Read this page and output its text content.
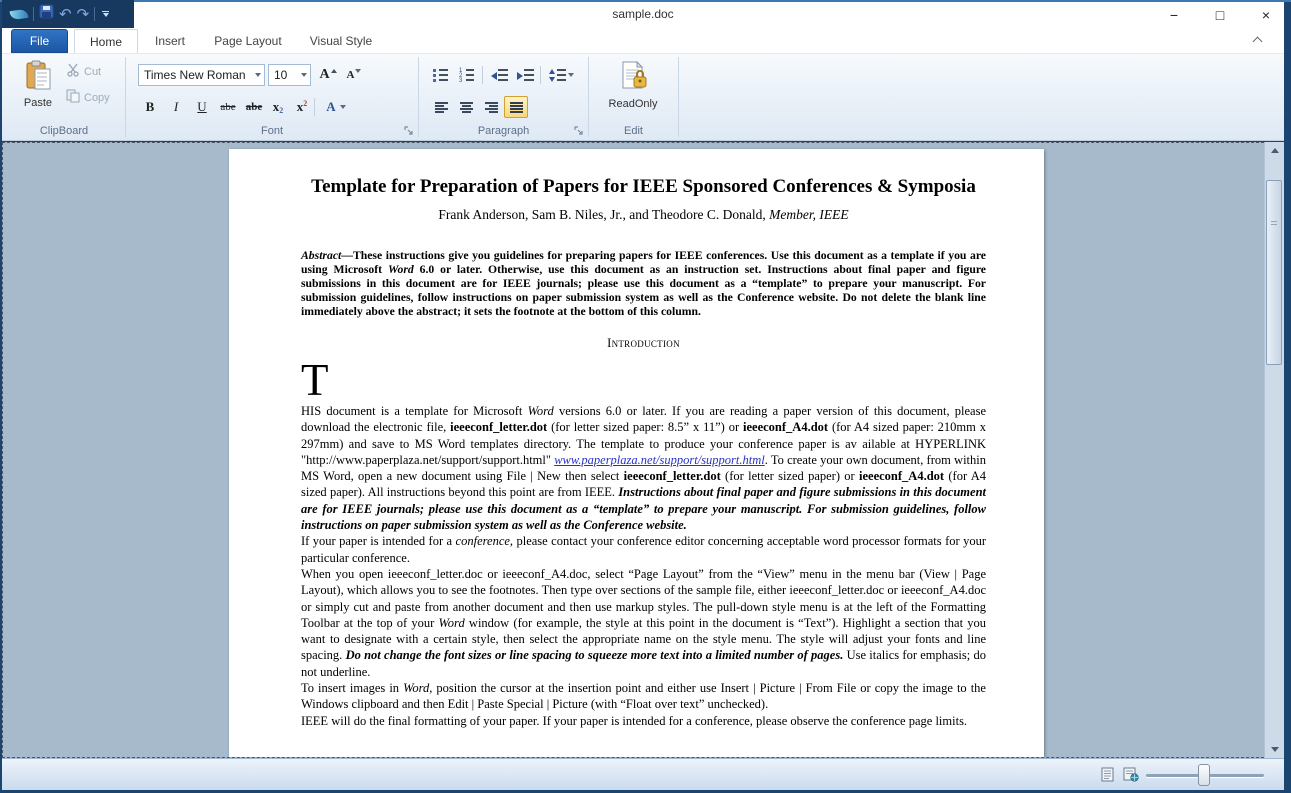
↶ ↷	sample.doc	−	□	×
File	Home	Insert	Page Layout	Visual Style
Paste
Cut
Copy
ClipBoard
Times New Roman 10 A A
B	I	U	abe abe x 2 x 2 A
Font
1
2
3
Paragraph
ReadOnly
Edit
Template for Preparation of Papers for IEEE Sponsored Conferences & Symposia
Frank Anderson, Sam B. Niles, Jr., and Theodore C. Donald, Member, IEEE
Abstract—These instructions give you guidelines for preparing papers for IEEE conferences. Use this document as a template if you are using Microsoft Word 6.0 or later. Otherwise, use this document as an instruction set. Instructions about final paper and figure submissions in this document are for IEEE journals; please use this document as a “template” to prepare your manuscript. For submission guidelines, follow instructions on paper submission system as well as the Conference website. Do not delete the blank line immediately above the abstract; it sets the footnote at the bottom of this column.
Introduction
T
HIS document is a template for Microsoft Word versions 6.0 or later. If you are reading a paper version of this document, please download the electronic file, ieeeconf_letter.dot (for letter sized paper: 8.5” x 11”) or ieeeconf_A4.dot (for A4 sized paper: 210mm x 297mm) and save to MS Word templates directory. The template to produce your conference paper is av ailable at HYPERLINK "http://www.paperplaza.net/support/support.html" www.paperplaza.net/support/support.html. To create your own document, from within MS Word, open a new document using File | New then select ieeeconf_letter.dot (for letter sized paper) or ieeeconf_A4.dot (for A4 sized paper). All instructions beyond this point are from IEEE. Instructions about final paper and figure submissions in this document are for IEEE journals; please use this document as a “template” to prepare your manuscript. For submission guidelines, follow instructions on paper submission system as well as the Conference website.
If your paper is intended for a conference, please contact your conference editor concerning acceptable word processor formats for your particular conference.
When you open ieeeconf_letter.doc or ieeeconf_A4.doc, select “Page Layout” from the “View” menu in the menu bar (View | Page Layout), which allows you to see the footnotes. Then type over sections of the sample file, either ieeeconf_letter.doc or ieeeconf_A4.doc or simply cut and paste from another document and then use markup styles. The pull-down style menu is at the left of the Formatting Toolbar at the top of your Word window (for example, the style at this point in the document is “Text”). Highlight a section that you want to designate with a certain style, then select the appropriate name on the style menu. The style will adjust your fonts and line spacing. Do not change the font sizes or line spacing to squeeze more text into a limited number of pages. Use italics for emphasis; do not underline.
To insert images in Word, position the cursor at the insertion point and either use Insert | Picture | From File or copy the image to the Windows clipboard and then Edit | Paste Special | Picture (with “Float over text” unchecked).
IEEE will do the final formatting of your paper. If your paper is intended for a conference, please observe the conference page limits.
